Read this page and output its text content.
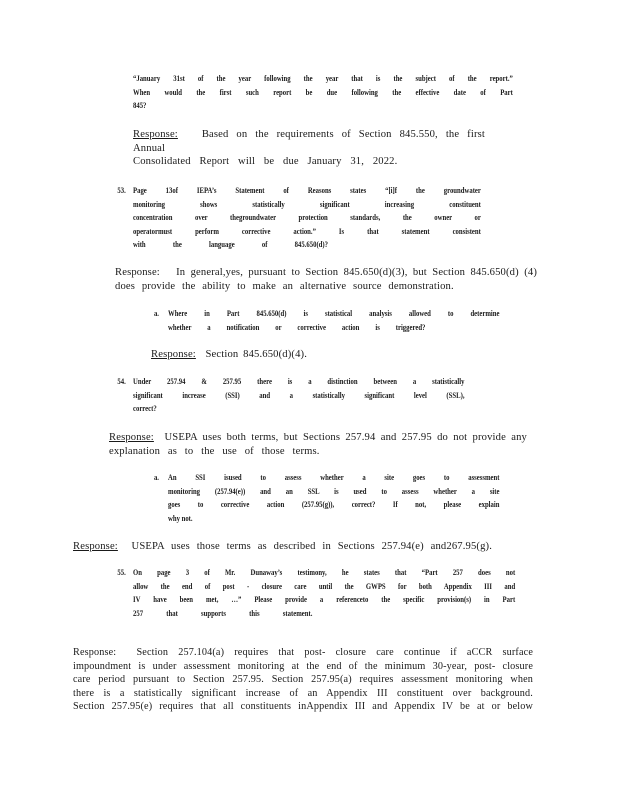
“January 31st of the year following the year that is the subject of the report.”
When would the first such report be due following the effective date of Part
845?
Response: Based on the requirements of Section 845.550, the first Annual
Consolidated Report will be due January 31, 2022.
53. Page 13of IEPA’s Statement of Reasons states “[i]f the groundwater
monitoring shows statistically significant increasing constituent
concentration over thegroundwater protection standards, the owner or
operatormust perform corrective action.” Is that statement consistent
with the language of 845.650(d)?
Response: In general,yes, pursuant to Section 845.650(d)(3), but Section 845.650(d) (4)
does provide the ability to make an alternative source demonstration.
a. Where in Part 845.650(d) is statistical analysis allowed to determine
whether a notification or corrective action is triggered?
Response: Section 845.650(d)(4).
54. Under 257.94 & 257.95 there is a distinction between a statistically
significant increase (SSI) and a statistically significant level (SSL),
correct?
Response: USEPA uses both terms, but Sections 257.94 and 257.95 do not provide any
explanation as to the use of those terms.
a. An SSI isused to assess whether a site goes to assessment
monitoring (257.94(e)) and an SSL is used to assess whether a site
goes to corrective action (257.95(g)), correct? If not, please explain
why not.
Response: USEPA uses those terms as described in Sections 257.94(e) and267.95(g).
55. On page 3 of Mr. Dunaway’s testimony, he states that “Part 257 does not
allow the end of post - closure care until the GWPS for both Appendix III and
IV have been met, …” Please provide a referenceto the specific provision(s) in Part
257 that supports this statement.
Response: Section 257.104(a) requires that post- closure care continue if aCCR surface
impoundment is under assessment monitoring at the end of the minimum 30-year, post- closure
care period pursuant to Section 257.95. Section 257.95(a) requires assessment monitoring when
there is a statistically significant increase of an Appendix III constituent over background.
Section 257.95(e) requires that all constituents inAppendix III and Appendix IV be at or below
